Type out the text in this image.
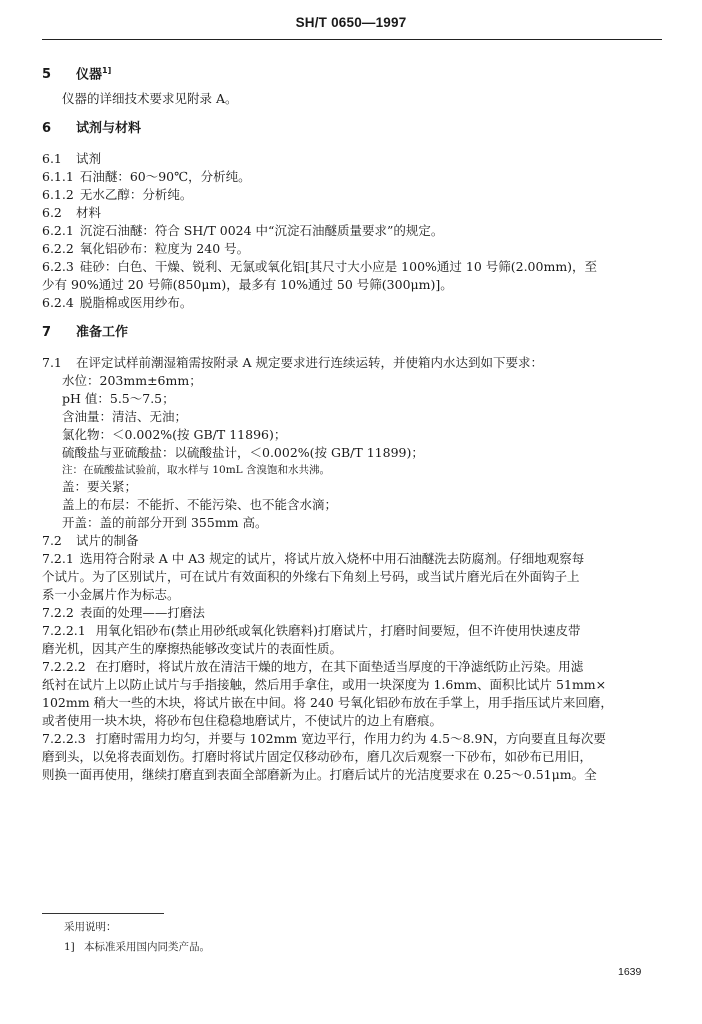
SH/T 0650—1997

5 仪器$^{1]}$

仪器的详细技术要求见附录 A。

6 试剂与材料

6.1 试剂

6.1.1 石油醚：60～90℃，分析纯。

6.1.2 无水乙醇：分析纯。

6.2 材料

6.2.1 沉淀石油醚：符合 SH/T 0024 中“沉淀石油醚质量要求”的规定。

6.2.2 氧化铝砂布：粒度为 240 号。

6.2.3 硅砂：白色、干燥、锐利、无氯或氧化铝[其尺寸大小应是 100%通过 10 号筛(2.00mm)，至

少有 90%通过 20 号筛(850μm)，最多有 10%通过 50 号筛(300μm)]。

6.2.4 脱脂棉或医用纱布。

7 准备工作

7.1 在评定试样前潮湿箱需按附录 A 规定要求进行连续运转，并使箱内水达到如下要求：

水位：203mm±6mm；

pH 值：5.5～7.5；

含油量：清洁、无油；

氯化物：＜0.002%(按 GB/T 11896)；

硫酸盐与亚硫酸盐：以硫酸盐计，＜0.002%(按 GB/T 11899)；

注：在硫酸盐试验前，取水样与 10mL 含溴饱和水共沸。

盖：要关紧；

盖上的布层：不能折、不能污染、也不能含水滴；

开盖：盖的前部分开到 355mm 高。

7.2 试片的制备

7.2.1 选用符合附录 A 中 A3 规定的试片，将试片放入烧杯中用石油醚洗去防腐剂。仔细地观察每

个试片。为了区别试片，可在试片有效面积的外缘右下角刻上号码，或当试片磨光后在外面钩子上

系一小金属片作为标志。

7.2.2 表面的处理——打磨法

7.2.2.1 用氧化铝砂布(禁止用砂纸或氧化铁磨料)打磨试片，打磨时间要短，但不许使用快速皮带

磨光机，因其产生的摩擦热能够改变试片的表面性质。

7.2.2.2 在打磨时，将试片放在清洁干燥的地方，在其下面垫适当厚度的干净滤纸防止污染。用滤

纸衬在试片上以防止试片与手指接触，然后用手拿住，或用一块深度为 1.6mm、面积比试片 51mm×

102mm 稍大一些的木块，将试片嵌在中间。将 240 号氧化铝砂布放在手掌上，用手指压试片来回磨，

或者使用一块木块，将砂布包住稳稳地磨试片，不使试片的边上有磨痕。

7.2.2.3 打磨时需用力均匀，并要与 102mm 宽边平行，作用力约为 4.5～8.9N，方向要直且每次要

磨到头，以免将表面划伤。打磨时将试片固定仅移动砂布，磨几次后观察一下砂布，如砂布已用旧，

则换一面再使用，继续打磨直到表面全部磨新为止。打磨后试片的光洁度要求在 0.25～0.51μm。全

采用说明：
1] 本标准采用国内同类产品。
1639
